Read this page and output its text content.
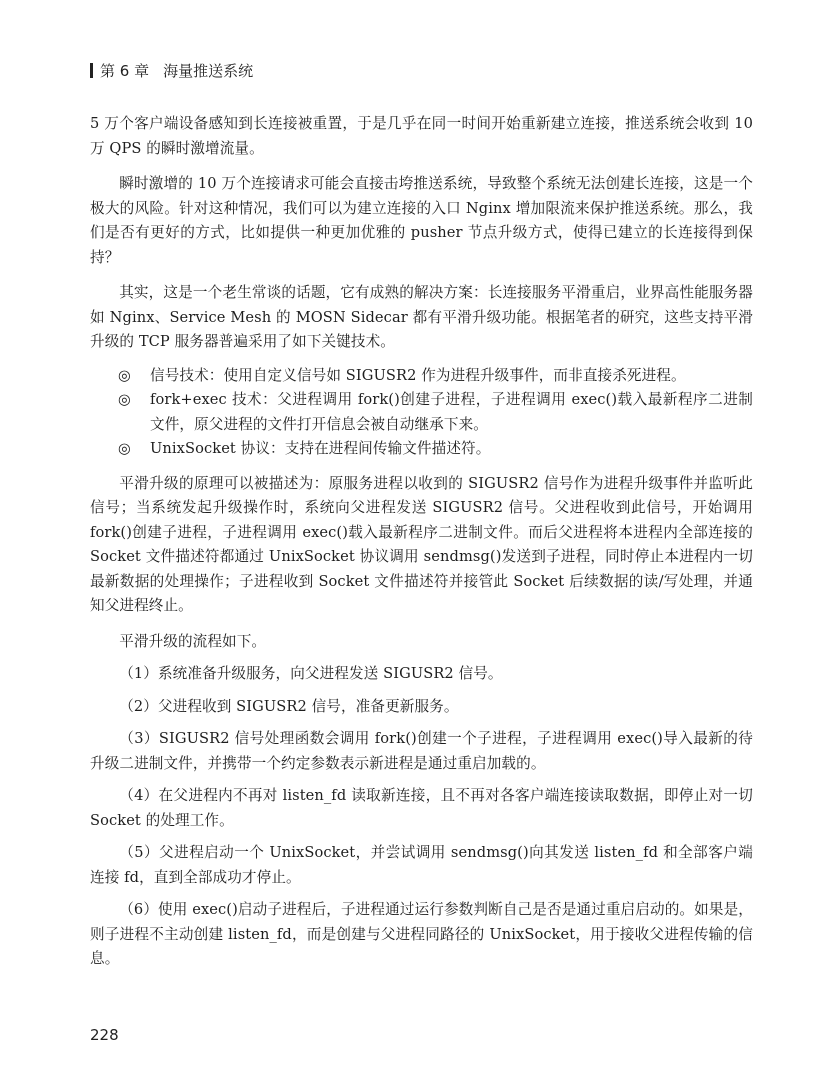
第 6 章 海量推送系统

5 万个客户端设备感知到长连接被重置，于是几乎在同一时间开始重新建立连接，推送系统会收到 10 万 QPS 的瞬时激增流量。

瞬时激增的 10 万个连接请求可能会直接击垮推送系统，导致整个系统无法创建长连接，这是一个极大的风险。针对这种情况，我们可以为建立连接的入口 Nginx 增加限流来保护推送系统。那么，我们是否有更好的方式，比如提供一种更加优雅的 pusher 节点升级方式，使得已建立的长连接得到保持？

其实，这是一个老生常谈的话题，它有成熟的解决方案：长连接服务平滑重启，业界高性能服务器如 Nginx、Service Mesh 的 MOSN Sidecar 都有平滑升级功能。根据笔者的研究，这些支持平滑升级的 TCP 服务器普遍采用了如下关键技术。

◎ 信号技术：使用自定义信号如 SIGUSR2 作为进程升级事件，而非直接杀死进程。
◎ fork+exec 技术：父进程调用 fork()创建子进程，子进程调用 exec()载入最新程序二进制文件，原父进程的文件打开信息会被自动继承下来。
◎ UnixSocket 协议：支持在进程间传输文件描述符。

平滑升级的原理可以被描述为：原服务进程以收到的 SIGUSR2 信号作为进程升级事件并监听此信号；当系统发起升级操作时，系统向父进程发送 SIGUSR2 信号。父进程收到此信号，开始调用 fork()创建子进程，子进程调用 exec()载入最新程序二进制文件。而后父进程将本进程内全部连接的 Socket 文件描述符都通过 UnixSocket 协议调用 sendmsg()发送到子进程，同时停止本进程内一切最新数据的处理操作；子进程收到 Socket 文件描述符并接管此 Socket 后续数据的读/写处理，并通知父进程终止。

平滑升级的流程如下。

（1）系统准备升级服务，向父进程发送 SIGUSR2 信号。

（2）父进程收到 SIGUSR2 信号，准备更新服务。

（3）SIGUSR2 信号处理函数会调用 fork()创建一个子进程，子进程调用 exec()导入最新的待升级二进制文件，并携带一个约定参数表示新进程是通过重启加载的。

（4）在父进程内不再对 listen_fd 读取新连接，且不再对各客户端连接读取数据，即停止对一切 Socket 的处理工作。

（5）父进程启动一个 UnixSocket，并尝试调用 sendmsg()向其发送 listen_fd 和全部客户端连接 fd，直到全部成功才停止。

（6）使用 exec()启动子进程后，子进程通过运行参数判断自己是否是通过重启启动的。如果是，则子进程不主动创建 listen_fd，而是创建与父进程同路径的 UnixSocket，用于接收父进程传输的信息。

228
